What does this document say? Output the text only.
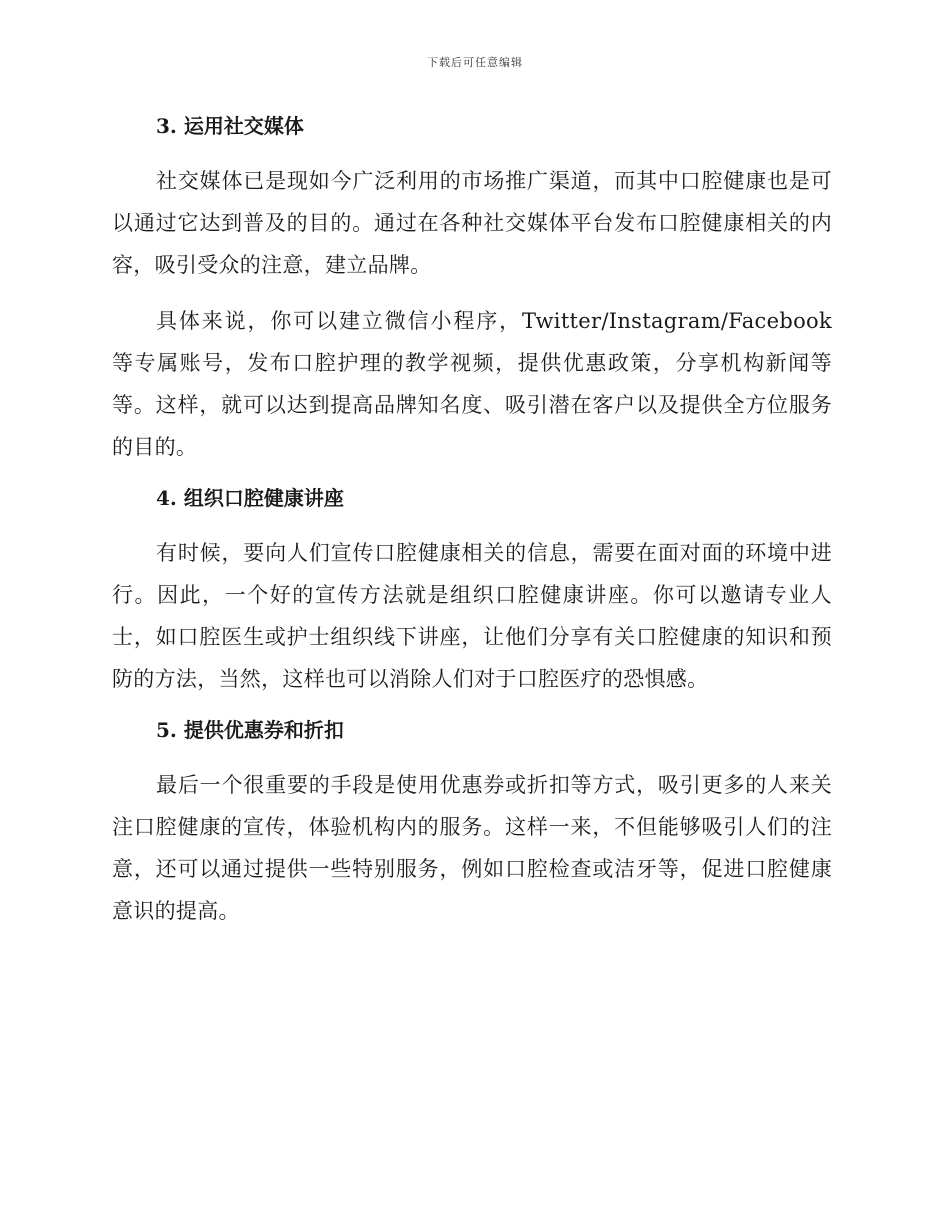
下载后可任意编辑
3. 运用社交媒体

社交媒体已是现如今广泛利用的市场推广渠道，而其中口腔健康也是可以通过它达到普及的目的。通过在各种社交媒体平台发布口腔健康相关的内容，吸引受众的注意，建立品牌。

具体来说，你可以建立微信小程序，Twitter/Instagram/Facebook 等专属账号，发布口腔护理的教学视频，提供优惠政策，分享机构新闻等等。这样，就可以达到提高品牌知名度、吸引潜在客户以及提供全方位服务的目的。

4. 组织口腔健康讲座

有时候，要向人们宣传口腔健康相关的信息，需要在面对面的环境中进行。因此，一个好的宣传方法就是组织口腔健康讲座。你可以邀请专业人士，如口腔医生或护士组织线下讲座，让他们分享有关口腔健康的知识和预防的方法，当然，这样也可以消除人们对于口腔医疗的恐惧感。

5. 提供优惠券和折扣

最后一个很重要的手段是使用优惠券或折扣等方式，吸引更多的人来关注口腔健康的宣传，体验机构内的服务。这样一来，不但能够吸引人们的注意，还可以通过提供一些特别服务，例如口腔检查或洁牙等，促进口腔健康意识的提高。
